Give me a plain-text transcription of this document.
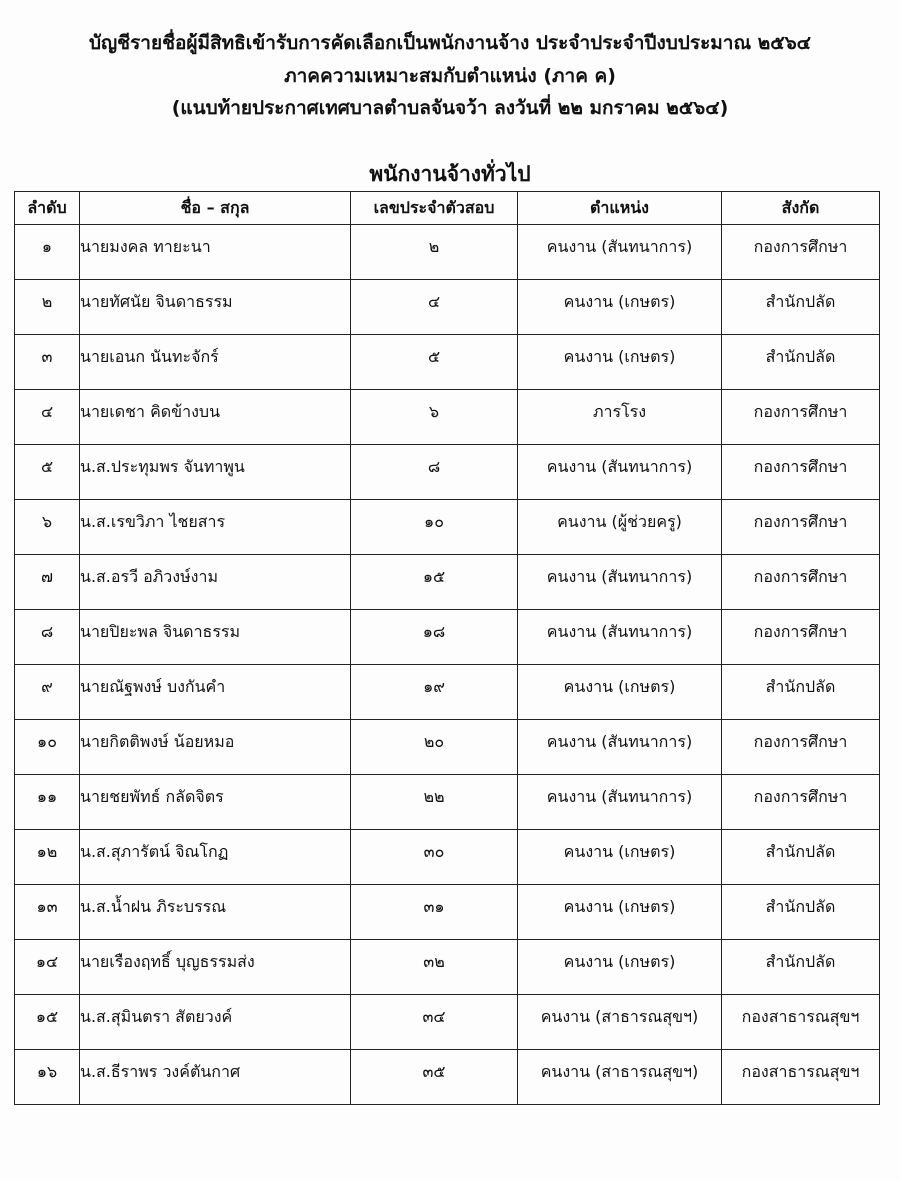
บัญชีรายชื่อผู้มีสิทธิเข้ารับการคัดเลือกเป็นพนักงานจ้าง ประจำประจำปีงบประมาณ ๒๕๖๔
ภาคความเหมาะสมกับตำแหน่ง (ภาค ค)
(แนบท้ายประกาศเทศบาลตำบลจันจว้า ลงวันที่ ๒๒ มกราคม ๒๕๖๔)
พนักงานจ้างทั่วไป
ลำดับ	ชื่อ – สกุล	เลขประจำตัวสอบ	ตำแหน่ง	สังกัด
๑	นายมงคล ทายะนา	๒	คนงาน (สันทนาการ)	กองการศึกษา
๒	นายทัศนัย จินดาธรรม	๔	คนงาน (เกษตร)	สำนักปลัด
๓	นายเอนก นันทะจักร์	๕	คนงาน (เกษตร)	สำนักปลัด
๔	นายเดชา คิดข้างบน	๖	ภารโรง	กองการศึกษา
๕	น.ส.ประทุมพร จันทาพูน	๘	คนงาน (สันทนาการ)	กองการศึกษา
๖	น.ส.เรขวิภา ไชยสาร	๑๐	คนงาน (ผู้ช่วยครู)	กองการศึกษา
๗	น.ส.อรวี อภิวงษ์งาม	๑๕	คนงาน (สันทนาการ)	กองการศึกษา
๘	นายปิยะพล จินดาธรรม	๑๘	คนงาน (สันทนาการ)	กองการศึกษา
๙	นายณัฐพงษ์ บงกันคำ	๑๙	คนงาน (เกษตร)	สำนักปลัด
๑๐	นายกิตติพงษ์ น้อยหมอ	๒๐	คนงาน (สันทนาการ)	กองการศึกษา
๑๑	นายชยพัทธ์ กลัดจิตร	๒๒	คนงาน (สันทนาการ)	กองการศึกษา
๑๒	น.ส.สุภารัตน์ จิณโกฏ	๓๐	คนงาน (เกษตร)	สำนักปลัด
๑๓	น.ส.น้ำฝน ภิระบรรณ	๓๑	คนงาน (เกษตร)	สำนักปลัด
๑๔	นายเรืองฤทธิ์ บุญธรรมส่ง	๓๒	คนงาน (เกษตร)	สำนักปลัด
๑๕	น.ส.สุมินตรา สัตยวงค์	๓๔	คนงาน (สาธารณสุขฯ)	กองสาธารณสุขฯ
๑๖	น.ส.ธีราพร วงค์ตันกาศ	๓๕	คนงาน (สาธารณสุขฯ)	กองสาธารณสุขฯ
